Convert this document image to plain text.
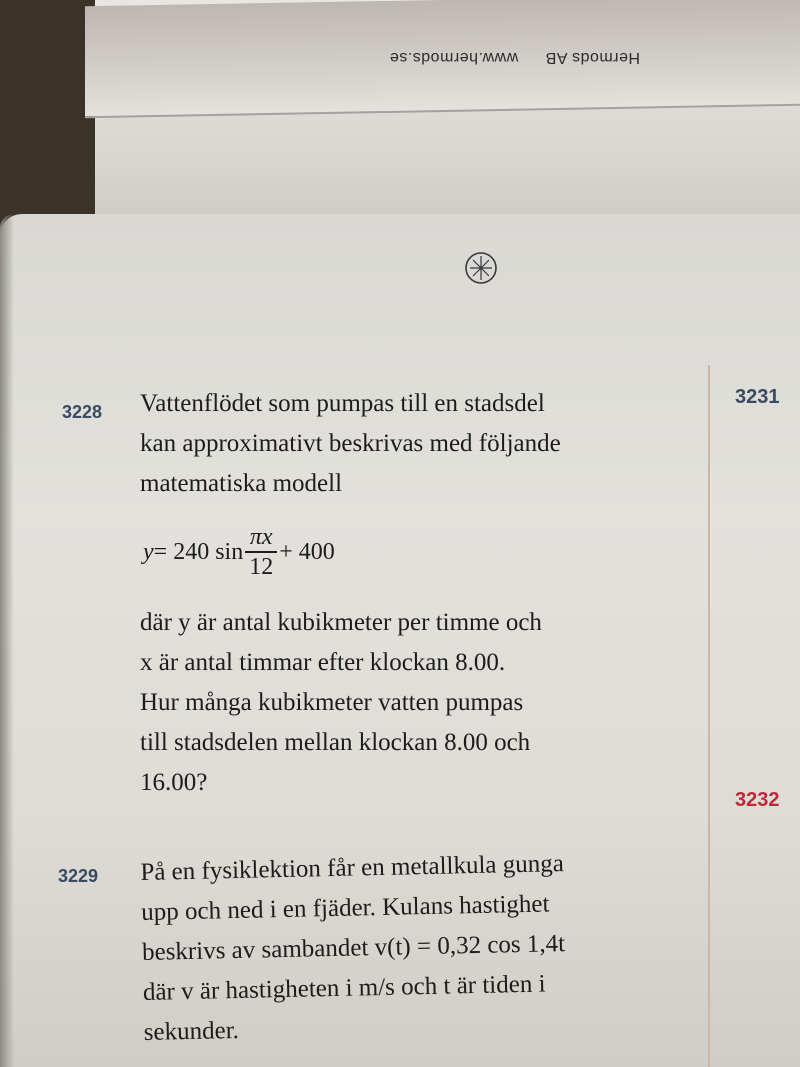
Hermods AB www.hermods.se
3228 Vattenflödet som pumpas till en stadsdel
kan approximativt beskrivas med följande
matematiska modell
y = 240 $\sin \frac{\pi x}{12} + 400$
där y är antal kubikmeter per timme och
x är antal timmar efter klockan 8.00.
Hur många kubikmeter vatten pumpas
till stadsdelen mellan klockan 8.00 och
16.00?
3229 På en fysiklektion får en metallkula gunga
upp och ned i en fjäder. Kulans hastighet
beskrivs av sambandet v(t) = 0,32 cos 1,4t
där v är hastigheten i m/s och t är tiden i
sekunder.
3231
3232
